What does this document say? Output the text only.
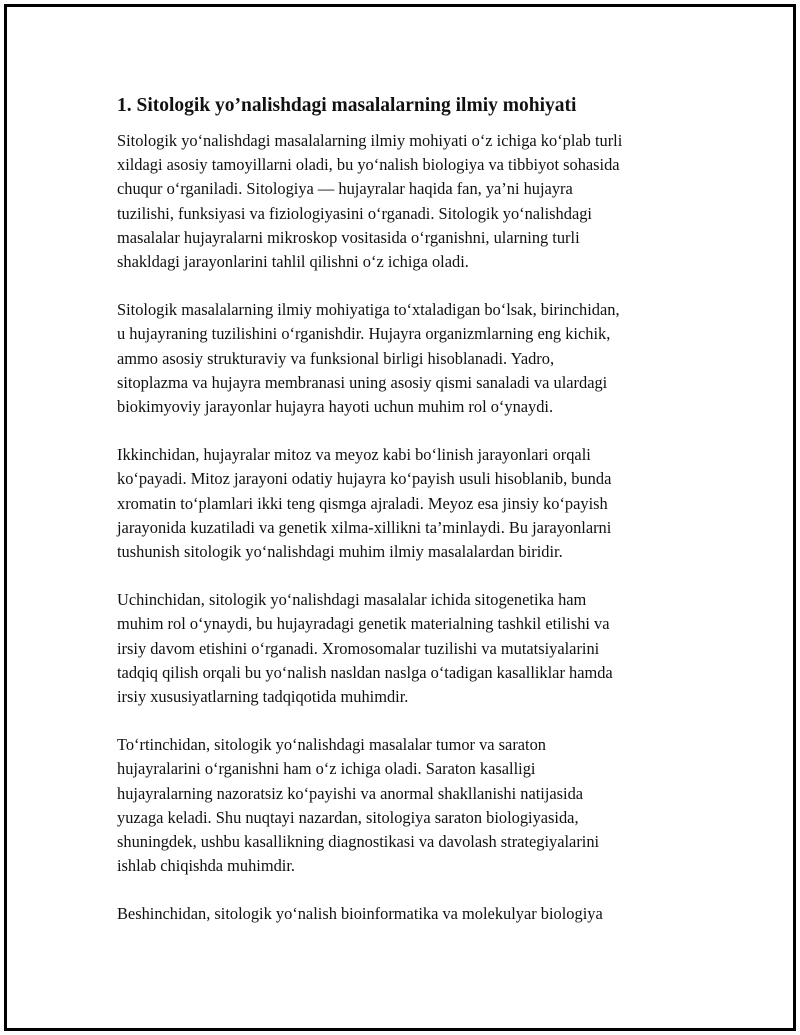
1. Sitologik yo’nalishdagi masalalarning ilmiy mohiyati

Sitologik yo‘nalishdagi masalalarning ilmiy mohiyati o‘z ichiga ko‘plab turli
xildagi asosiy tamoyillarni oladi, bu yo‘nalish biologiya va tibbiyot sohasida
chuqur o‘rganiladi. Sitologiya — hujayralar haqida fan, ya’ni hujayra
tuzilishi, funksiyasi va fiziologiyasini o‘rganadi. Sitologik yo‘nalishdagi
masalalar hujayralarni mikroskop vositasida o‘rganishni, ularning turli
shakldagi jarayonlarini tahlil qilishni o‘z ichiga oladi.

Sitologik masalalarning ilmiy mohiyatiga to‘xtaladigan bo‘lsak, birinchidan,
u hujayraning tuzilishini o‘rganishdir. Hujayra organizmlarning eng kichik,
ammo asosiy strukturaviy va funksional birligi hisoblanadi. Yadro,
sitoplazma va hujayra membranasi uning asosiy qismi sanaladi va ulardagi
biokimyoviy jarayonlar hujayra hayoti uchun muhim rol o‘ynaydi.

Ikkinchidan, hujayralar mitoz va meyoz kabi bo‘linish jarayonlari orqali
ko‘payadi. Mitoz jarayoni odatiy hujayra ko‘payish usuli hisoblanib, bunda
xromatin to‘plamlari ikki teng qismga ajraladi. Meyoz esa jinsiy ko‘payish
jarayonida kuzatiladi va genetik xilma-xillikni ta’minlaydi. Bu jarayonlarni
tushunish sitologik yo‘nalishdagi muhim ilmiy masalalardan biridir.

Uchinchidan, sitologik yo‘nalishdagi masalalar ichida sitogenetika ham
muhim rol o‘ynaydi, bu hujayradagi genetik materialning tashkil etilishi va
irsiy davom etishini o‘rganadi. Xromosomalar tuzilishi va mutatsiyalarini
tadqiq qilish orqali bu yo‘nalish nasldan naslga o‘tadigan kasalliklar hamda
irsiy xususiyatlarning tadqiqotida muhimdir.

To‘rtinchidan, sitologik yo‘nalishdagi masalalar tumor va saraton
hujayralarini o‘rganishni ham o‘z ichiga oladi. Saraton kasalligi
hujayralarning nazoratsiz ko‘payishi va anormal shakllanishi natijasida
yuzaga keladi. Shu nuqtayi nazardan, sitologiya saraton biologiyasida,
shuningdek, ushbu kasallikning diagnostikasi va davolash strategiyalarini
ishlab chiqishda muhimdir.

Beshinchidan, sitologik yo‘nalish bioinformatika va molekulyar biologiya
